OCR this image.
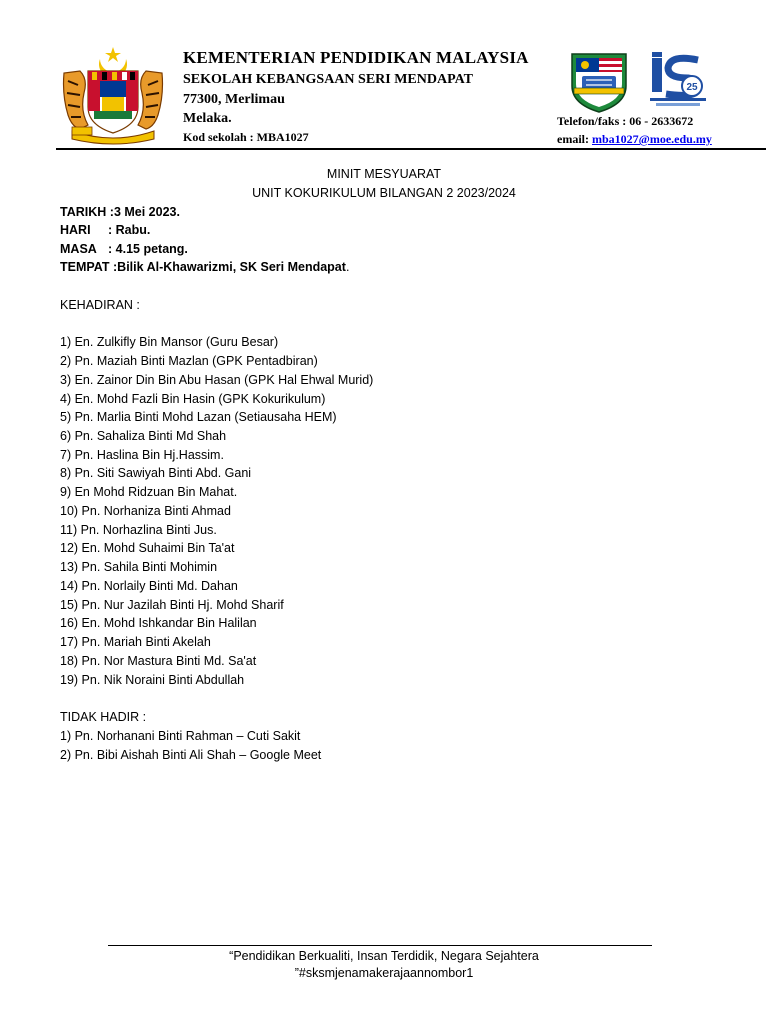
KEMENTERIAN PENDIDIKAN MALAYSIA
SEKOLAH KEBANGSAAN SERI MENDAPAT
77300, Merlimau
Melaka.
Kod sekolah : MBA1027
25
Telefon/faks : 06 - 2633672
email: mba1027@moe.edu.my
MINIT MESYUARAT
UNIT KOKURIKULUM BILANGAN 2 2023/2024
TARIKH :3 Mei 2023.
HARI : Rabu.
MASA : 4.15 petang.
TEMPAT :Bilik Al-Khawarizmi, SK Seri Mendapat.
KEHADIRAN :
1) En. Zulkifly Bin Mansor (Guru Besar)
2) Pn. Maziah Binti Mazlan (GPK Pentadbiran)
3) En. Zainor Din Bin Abu Hasan (GPK Hal Ehwal Murid)
4) En. Mohd Fazli Bin Hasin (GPK Kokurikulum)
5) Pn. Marlia Binti Mohd Lazan (Setiausaha HEM)
6) Pn. Sahaliza Binti Md Shah
7) Pn. Haslina Bin Hj.Hassim.
8) Pn. Siti Sawiyah Binti Abd. Gani
9) En Mohd Ridzuan Bin Mahat.
10) Pn. Norhaniza Binti Ahmad
11) Pn. Norhazlina Binti Jus.
12) En. Mohd Suhaimi Bin Ta'at
13) Pn. Sahila Binti Mohimin
14) Pn. Norlaily Binti Md. Dahan
15) Pn. Nur Jazilah Binti Hj. Mohd Sharif
16) En. Mohd Ishkandar Bin Halilan
17) Pn. Mariah Binti Akelah
18) Pn. Nor Mastura Binti Md. Sa'at
19) Pn. Nik Noraini Binti Abdullah
TIDAK HADIR :
1) Pn. Norhanani Binti Rahman – Cuti Sakit
2) Pn. Bibi Aishah Binti Ali Shah – Google Meet
“Pendidikan Berkualiti, Insan Terdidik, Negara Sejahtera
”#sksmjenamakerajaannombor1
